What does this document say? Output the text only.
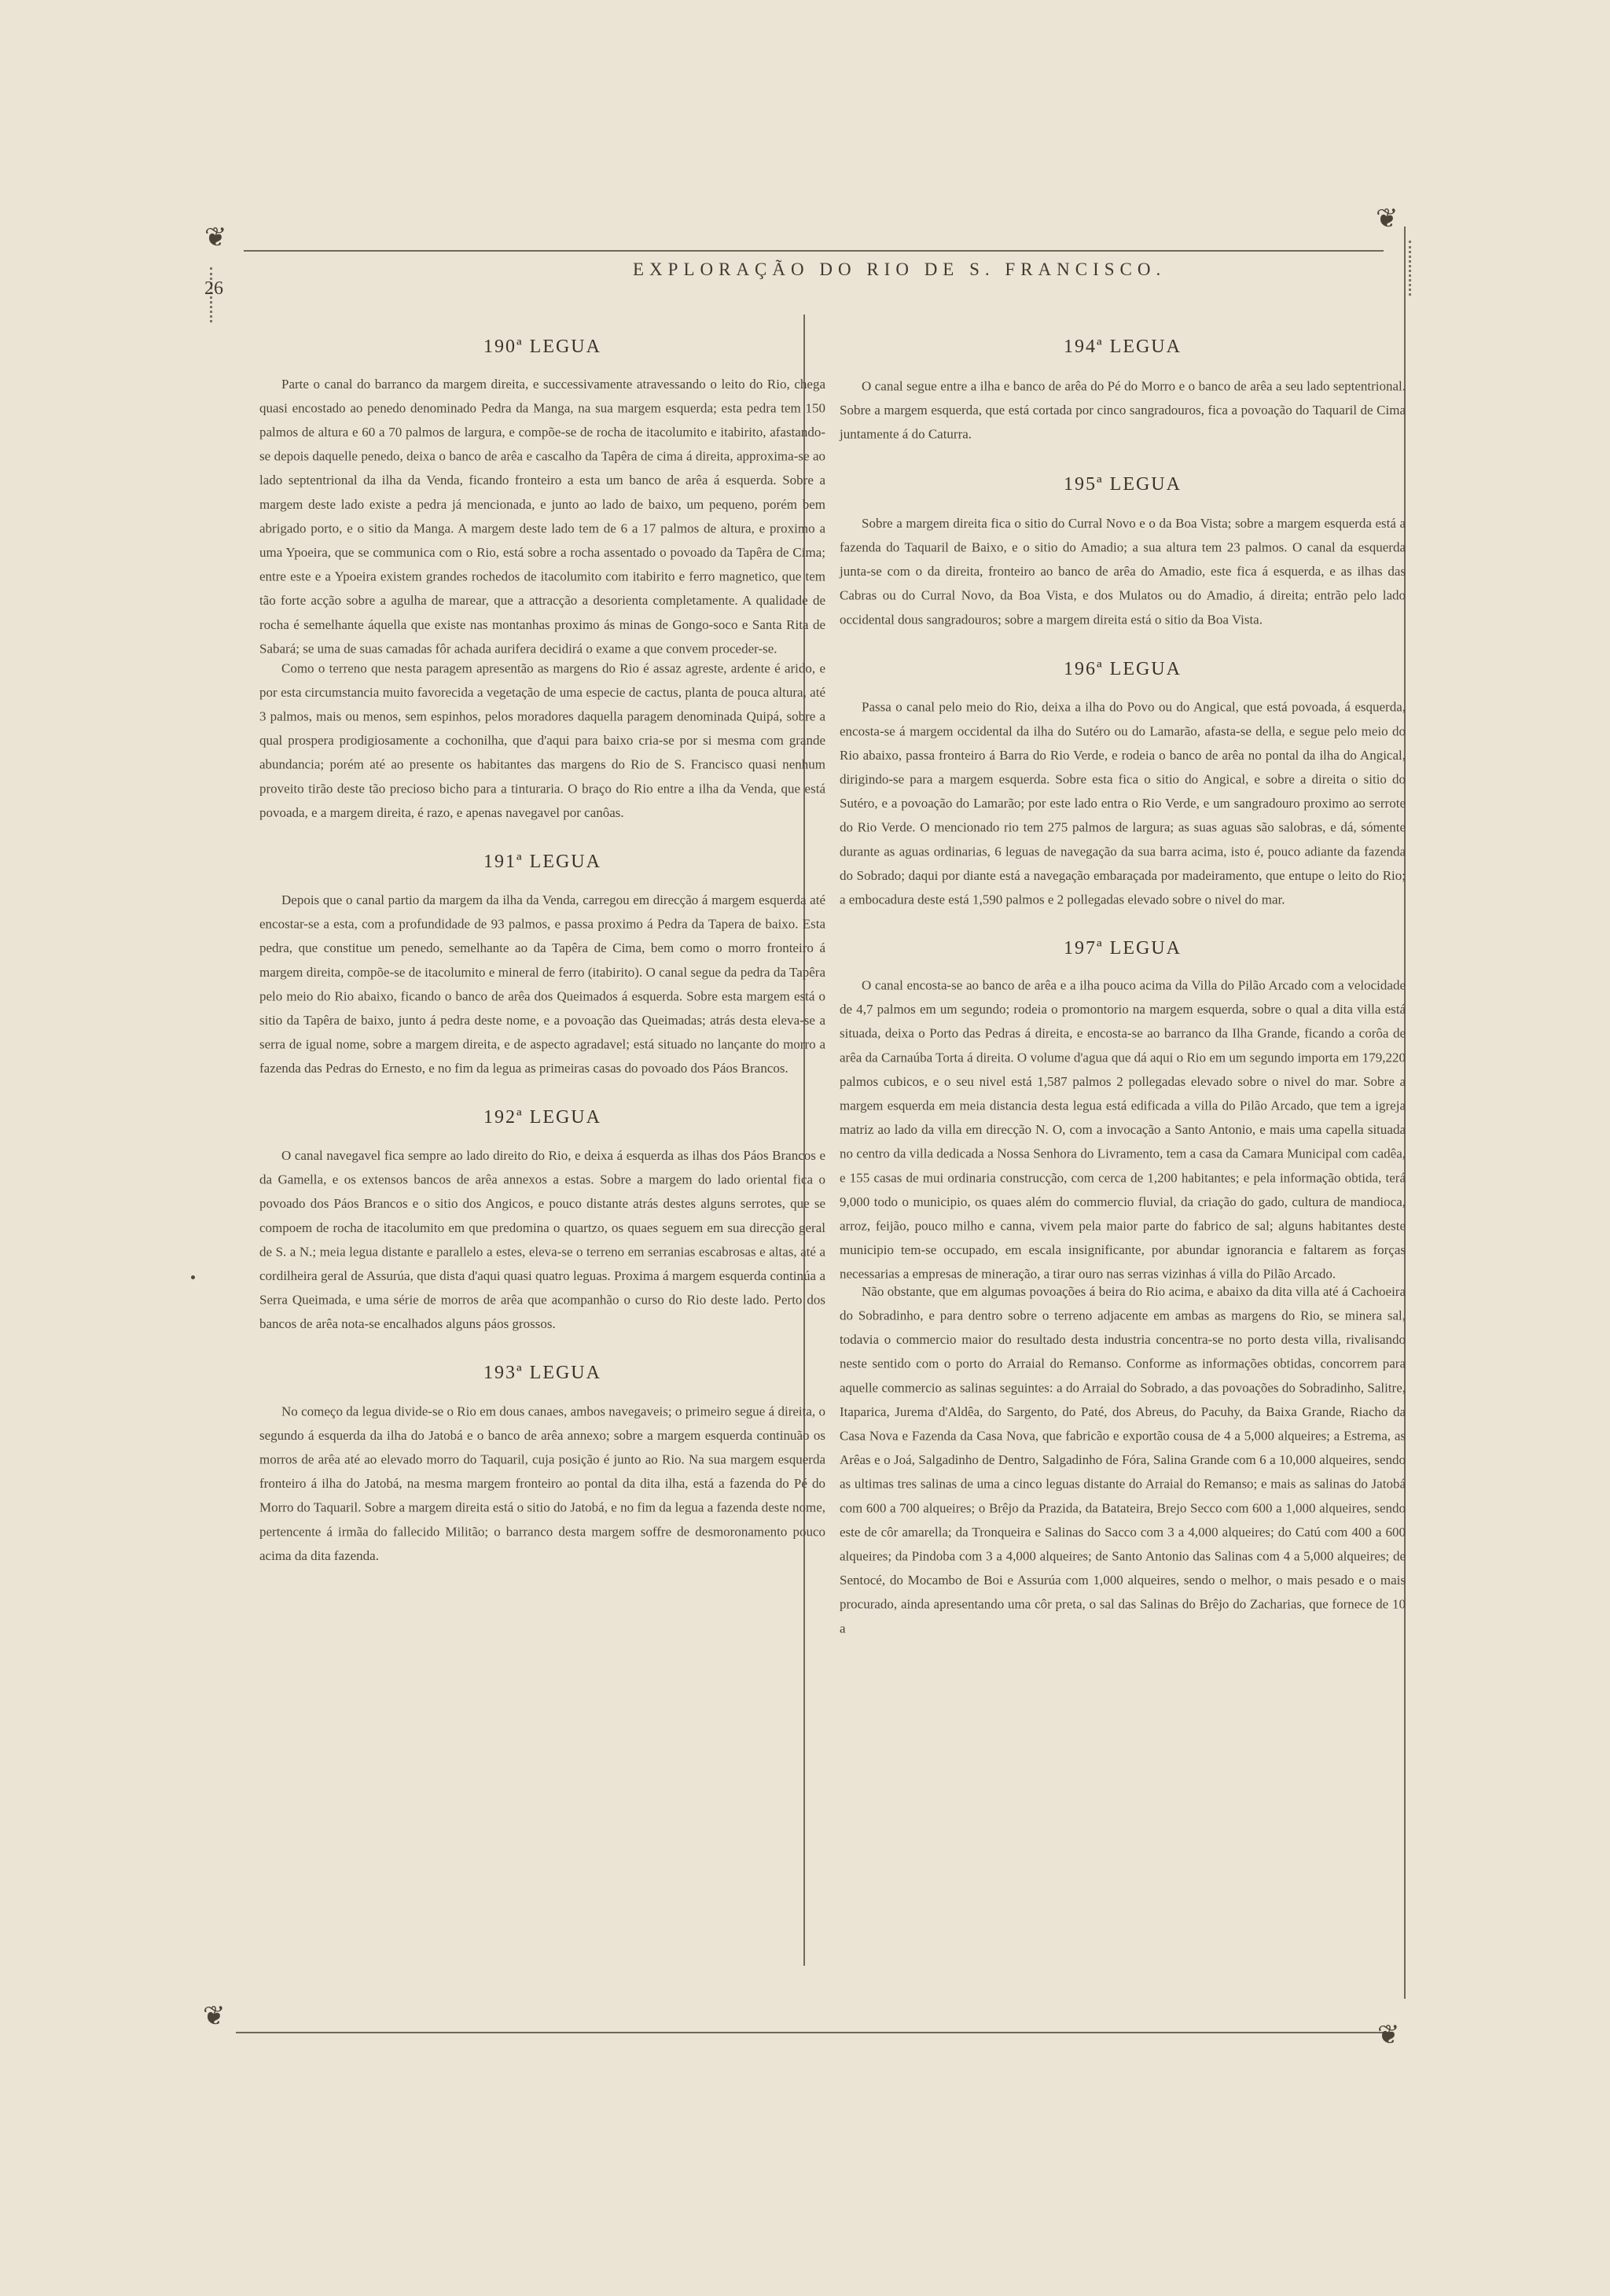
❦
❦
❦
❦
26
EXPLORAÇÃO DO RIO DE S. FRANCISCO.
190ª LEGUA

Parte o canal do barranco da margem direita, e successivamente atravessando o leito do Rio, chega quasi encostado ao penedo denominado Pedra da Manga, na sua margem esquerda; esta pedra tem 150 palmos de altura e 60 a 70 palmos de largura, e compõe-se de rocha de itacolumito e itabirito, afastando-se depois daquelle penedo, deixa o banco de arêa e cascalho da Tapêra de cima á direita, approxima-se ao lado septentrional da ilha da Venda, ficando fronteiro a esta um banco de arêa á esquerda. Sobre a margem deste lado existe a pedra já mencionada, e junto ao lado de baixo, um pequeno, porém bem abrigado porto, e o sitio da Manga. A margem deste lado tem de 6 a 17 palmos de altura, e proximo a uma Ypoeira, que se communica com o Rio, está sobre a rocha assentado o povoado da Tapêra de Cima; entre este e a Ypoeira existem grandes rochedos de itacolumito com itabirito e ferro magnetico, que tem tão forte acção sobre a agulha de marear, que a attracção a desorienta completamente. A qualidade de rocha é semelhante áquella que existe nas montanhas proximo ás minas de Gongo-soco e Santa Rita de Sabará; se uma de suas camadas fôr achada aurifera decidirá o exame a que convem proceder-se.

Como o terreno que nesta paragem apresentão as margens do Rio é assaz agreste, ardente é arido, e por esta circumstancia muito favorecida a vegetação de uma especie de cactus, planta de pouca altura, até 3 palmos, mais ou menos, sem espinhos, pelos moradores daquella paragem denominada Quipá, sobre a qual prospera prodigiosamente a cochonilha, que d'aqui para baixo cria-se por si mesma com grande abundancia; porém até ao presente os habitantes das margens do Rio de S. Francisco quasi nenhum proveito tirão deste tão precioso bicho para a tinturaria. O braço do Rio entre a ilha da Venda, que está povoada, e a margem direita, é razo, e apenas navegavel por canôas.

191ª LEGUA

Depois que o canal partio da margem da ilha da Venda, carregou em direcção á margem esquerda até encostar-se a esta, com a profundidade de 93 palmos, e passa proximo á Pedra da Tapera de baixo. Esta pedra, que constitue um penedo, semelhante ao da Tapêra de Cima, bem como o morro fronteiro á margem direita, compõe-se de itacolumito e mineral de ferro (itabirito). O canal segue da pedra da Tapêra pelo meio do Rio abaixo, ficando o banco de arêa dos Queimados á esquerda. Sobre esta margem está o sitio da Tapêra de baixo, junto á pedra deste nome, e a povoação das Queimadas; atrás desta eleva-se a serra de igual nome, sobre a margem direita, e de aspecto agradavel; está situado no lançante do morro a fazenda das Pedras do Ernesto, e no fim da legua as primeiras casas do povoado dos Páos Brancos.

192ª LEGUA

O canal navegavel fica sempre ao lado direito do Rio, e deixa á esquerda as ilhas dos Páos Brancos e da Gamella, e os extensos bancos de arêa annexos a estas. Sobre a margem do lado oriental fica o povoado dos Páos Brancos e o sitio dos Angicos, e pouco distante atrás destes alguns serrotes, que se compoem de rocha de itacolumito em que predomina o quartzo, os quaes seguem em sua direcção geral de S. a N.; meia legua distante e parallelo a estes, eleva-se o terreno em serranias escabrosas e altas, até a cordilheira geral de Assurúa, que dista d'aqui quasi quatro leguas. Proxima á margem esquerda continúa a Serra Queimada, e uma série de morros de arêa que acompanhão o curso do Rio deste lado. Perto dos bancos de arêa nota-se encalhados alguns páos grossos.

193ª LEGUA

No começo da legua divide-se o Rio em dous canaes, ambos navegaveis; o primeiro segue á direita, o segundo á esquerda da ilha do Jatobá e o banco de arêa annexo; sobre a margem esquerda continuão os morros de arêa até ao elevado morro do Taquaril, cuja posição é junto ao Rio. Na sua margem esquerda fronteiro á ilha do Jatobá, na mesma margem fronteiro ao pontal da dita ilha, está a fazenda do Pé do Morro do Taquaril. Sobre a margem direita está o sitio do Jatobá, e no fim da legua a fazenda deste nome, pertencente á irmãa do fallecido Militão; o barranco desta margem soffre de desmoronamento pouco acima da dita fazenda.

194ª LEGUA

O canal segue entre a ilha e banco de arêa do Pé do Morro e o banco de arêa a seu lado septentrional. Sobre a margem esquerda, que está cortada por cinco sangradouros, fica a povoação do Taquaril de Cima juntamente á do Caturra.

195ª LEGUA

Sobre a margem direita fica o sitio do Curral Novo e o da Boa Vista; sobre a margem esquerda está a fazenda do Taquaril de Baixo, e o sitio do Amadio; a sua altura tem 23 palmos. O canal da esquerda junta-se com o da direita, fronteiro ao banco de arêa do Amadio, este fica á esquerda, e as ilhas das Cabras ou do Curral Novo, da Boa Vista, e dos Mulatos ou do Amadio, á direita; entrão pelo lado occidental dous sangradouros; sobre a margem direita está o sitio da Boa Vista.

196ª LEGUA

Passa o canal pelo meio do Rio, deixa a ilha do Povo ou do Angical, que está povoada, á esquerda, encosta-se á margem occidental da ilha do Sutéro ou do Lamarão, afasta-se della, e segue pelo meio do Rio abaixo, passa fronteiro á Barra do Rio Verde, e rodeia o banco de arêa no pontal da ilha do Angical, dirigindo-se para a margem esquerda. Sobre esta fica o sitio do Angical, e sobre a direita o sitio do Sutéro, e a povoação do Lamarão; por este lado entra o Rio Verde, e um sangradouro proximo ao serrote do Rio Verde. O mencionado rio tem 275 palmos de largura; as suas aguas são salobras, e dá, sómente durante as aguas ordinarias, 6 leguas de navegação da sua barra acima, isto é, pouco adiante da fazenda do Sobrado; daqui por diante está a navegação embaraçada por madeiramento, que entupe o leito do Rio; a embocadura deste está 1,590 palmos e 2 pollegadas elevado sobre o nivel do mar.

197ª LEGUA

O canal encosta-se ao banco de arêa e a ilha pouco acima da Villa do Pilão Arcado com a velocidade de 4,7 palmos em um segundo; rodeia o promontorio na margem esquerda, sobre o qual a dita villa está situada, deixa o Porto das Pedras á direita, e encosta-se ao barranco da Ilha Grande, ficando a corôa de arêa da Carnaúba Torta á direita. O volume d'agua que dá aqui o Rio em um segundo importa em 179,220 palmos cubicos, e o seu nivel está 1,587 palmos 2 pollegadas elevado sobre o nivel do mar. Sobre a margem esquerda em meia distancia desta legua está edificada a villa do Pilão Arcado, que tem a igreja matriz ao lado da villa em direcção N. O, com a invocação a Santo Antonio, e mais uma capella situada no centro da villa dedicada a Nossa Senhora do Livramento, tem a casa da Camara Municipal com cadêa, e 155 casas de mui ordinaria construcção, com cerca de 1,200 habitantes; e pela informação obtida, terá 9,000 todo o municipio, os quaes além do commercio fluvial, da criação do gado, cultura de mandioca, arroz, feijão, pouco milho e canna, vivem pela maior parte do fabrico de sal; alguns habitantes deste municipio tem-se occupado, em escala insignificante, por abundar ignorancia e faltarem as forças necessarias a empresas de mineração, a tirar ouro nas serras vizinhas á villa do Pilão Arcado.

Não obstante, que em algumas povoações á beira do Rio acima, e abaixo da dita villa até á Cachoeira do Sobradinho, e para dentro sobre o terreno adjacente em ambas as margens do Rio, se minera sal, todavia o commercio maior do resultado desta industria concentra-se no porto desta villa, rivalisando neste sentido com o porto do Arraial do Remanso. Conforme as informações obtidas, concorrem para aquelle commercio as salinas seguintes: a do Arraial do Sobrado, a das povoações do Sobradinho, Salitre, Itaparica, Jurema d'Aldêa, do Sargento, do Paté, dos Abreus, do Pacuhy, da Baixa Grande, Riacho da Casa Nova e Fazenda da Casa Nova, que fabricão e exportão cousa de 4 a 5,000 alqueires; a Estrema, as Arêas e o Joá, Salgadinho de Dentro, Salgadinho de Fóra, Salina Grande com 6 a 10,000 alqueires, sendo as ultimas tres salinas de uma a cinco leguas distante do Arraial do Remanso; e mais as salinas do Jatobá com 600 a 700 alqueires; o Brêjo da Prazida, da Batateira, Brejo Secco com 600 a 1,000 alqueires, sendo este de côr amarella; da Tronqueira e Salinas do Sacco com 3 a 4,000 alqueires; do Catú com 400 a 600 alqueires; da Pindoba com 3 a 4,000 alqueires; de Santo Antonio das Salinas com 4 a 5,000 alqueires; de Sentocé, do Mocambo de Boi e Assurúa com 1,000 alqueires, sendo o melhor, o mais pesado e o mais procurado, ainda apresentando uma côr preta, o sal das Salinas do Brêjo do Zacharias, que fornece de 10 a
